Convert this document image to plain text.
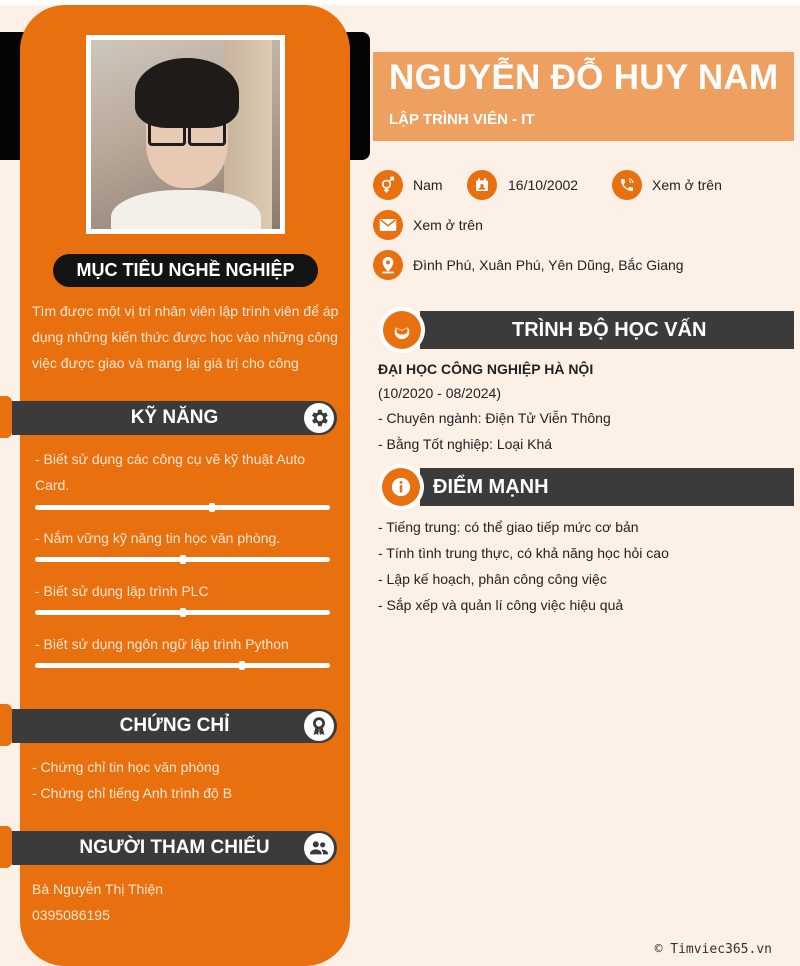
MỤC TIÊU NGHỀ NGHIỆP
Tìm được một vị trí nhân viên lập trình viên để áp dụng những kiến thức được học vào những công việc được giao và mang lại giá trị cho công
KỸ NĂNG
- Biết sử dụng các công cụ vẽ kỹ thuật Auto Card.
- Nắm vững kỹ năng tin học văn phòng.
- Biết sử dụng lập trình PLC
- Biết sử dụng ngôn ngữ lập trình Python
CHỨNG CHỈ
- Chứng chỉ tin học văn phòng
- Chứng chỉ tiếng Anh trình độ B
NGƯỜI THAM CHIẾU
Bà Nguyễn Thị Thiện
0395086195
NGUYỄN ĐỖ HUY NAM
LẬP TRÌNH VIÊN - IT
Nam	16/10/2002	Xem ở trên
Xem ở trên
Đình Phú, Xuân Phú, Yên Dũng, Bắc Giang
TRÌNH ĐỘ HỌC VẤN
ĐẠI HỌC CÔNG NGHIỆP HÀ NỘI
(10/2020 - 08/2024)
- Chuyên ngành: Điện Tử Viễn Thông
- Bằng Tốt nghiệp: Loại Khá
ĐIỂM MẠNH
- Tiếng trung: có thể giao tiếp mức cơ bản
- Tính tình trung thực, có khả năng học hỏi cao
- Lập kế hoạch, phân công công việc
- Sắp xếp và quản lí công việc hiệu quả
© Timviec365.vn
